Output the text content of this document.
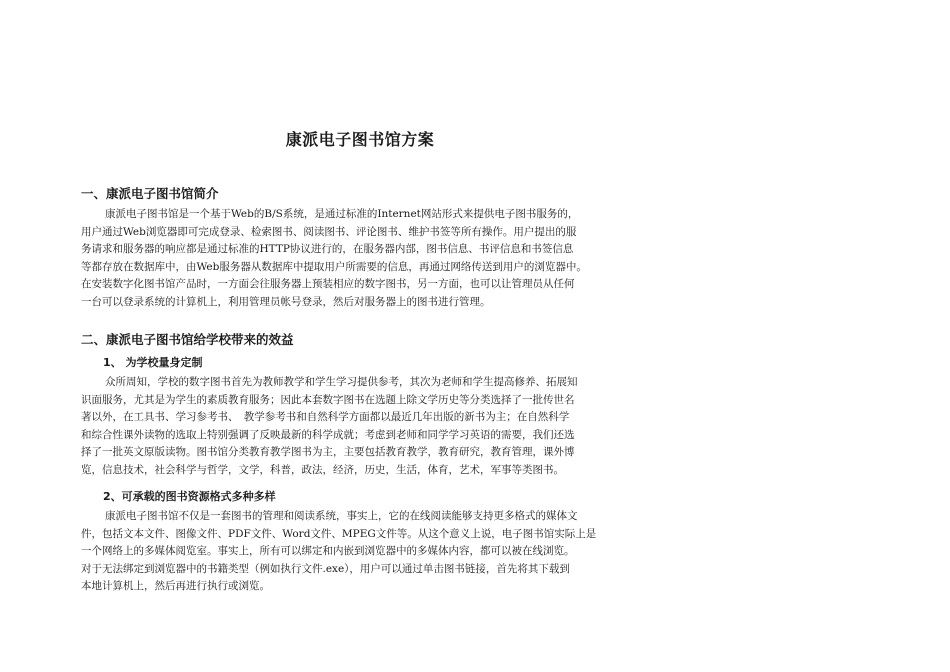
康派电子图书馆方案
一、康派电子图书馆简介
康派电子图书馆是一个基于Web的B/S系统，是通过标准的Internet网站形式来提供电子图书服务的，
用户通过Web浏览器即可完成登录、检索图书、阅读图书、评论图书、维护书签等所有操作。用户提出的服
务请求和服务器的响应都是通过标准的HTTP协议进行的，在服务器内部，图书信息、书评信息和书签信息
等都存放在数据库中，由Web服务器从数据库中提取用户所需要的信息，再通过网络传送到用户的浏览器中。
在安装数字化图书馆产品时，一方面会往服务器上预装相应的数字图书，另一方面，也可以让管理员从任何
一台可以登录系统的计算机上，利用管理员帐号登录，然后对服务器上的图书进行管理。
二、康派电子图书馆给学校带来的效益
1、 为学校量身定制
众所周知，学校的数字图书首先为教师教学和学生学习提供参考，其次为老师和学生提高修养、拓展知
识面服务，尤其是为学生的素质教育服务；因此本套数字图书在选题上除文学历史等分类选择了一批传世名
著以外，在工具书、学习参考书、　教学参考书和自然科学方面都以最近几年出版的新书为主；在自然科学
和综合性课外读物的选取上特别强调了反映最新的科学成就；考虑到老师和同学学习英语的需要，我们还选
择了一批英文原版读物。图书馆分类教育教学图书为主，主要包括教育教学，教育研究，教育管理，课外博
览，信息技术，社会科学与哲学，文学，科普，政法，经济，历史，生活，体育，艺术，军事等类图书。
2、可承载的图书资源格式多种多样
康派电子图书馆不仅是一套图书的管理和阅读系统，事实上，它的在线阅读能够支持更多格式的媒体文
件，包括文本文件、图像文件、PDF文件、Word文件、MPEG文件等。从这个意义上说，电子图书馆实际上是
一个网络上的多媒体阅览室。事实上，所有可以绑定和内嵌到浏览器中的多媒体内容，都可以被在线浏览。
对于无法绑定到浏览器中的书籍类型（例如执行文件.exe），用户可以通过单击图书链接，首先将其下载到
本地计算机上，然后再进行执行或浏览。
